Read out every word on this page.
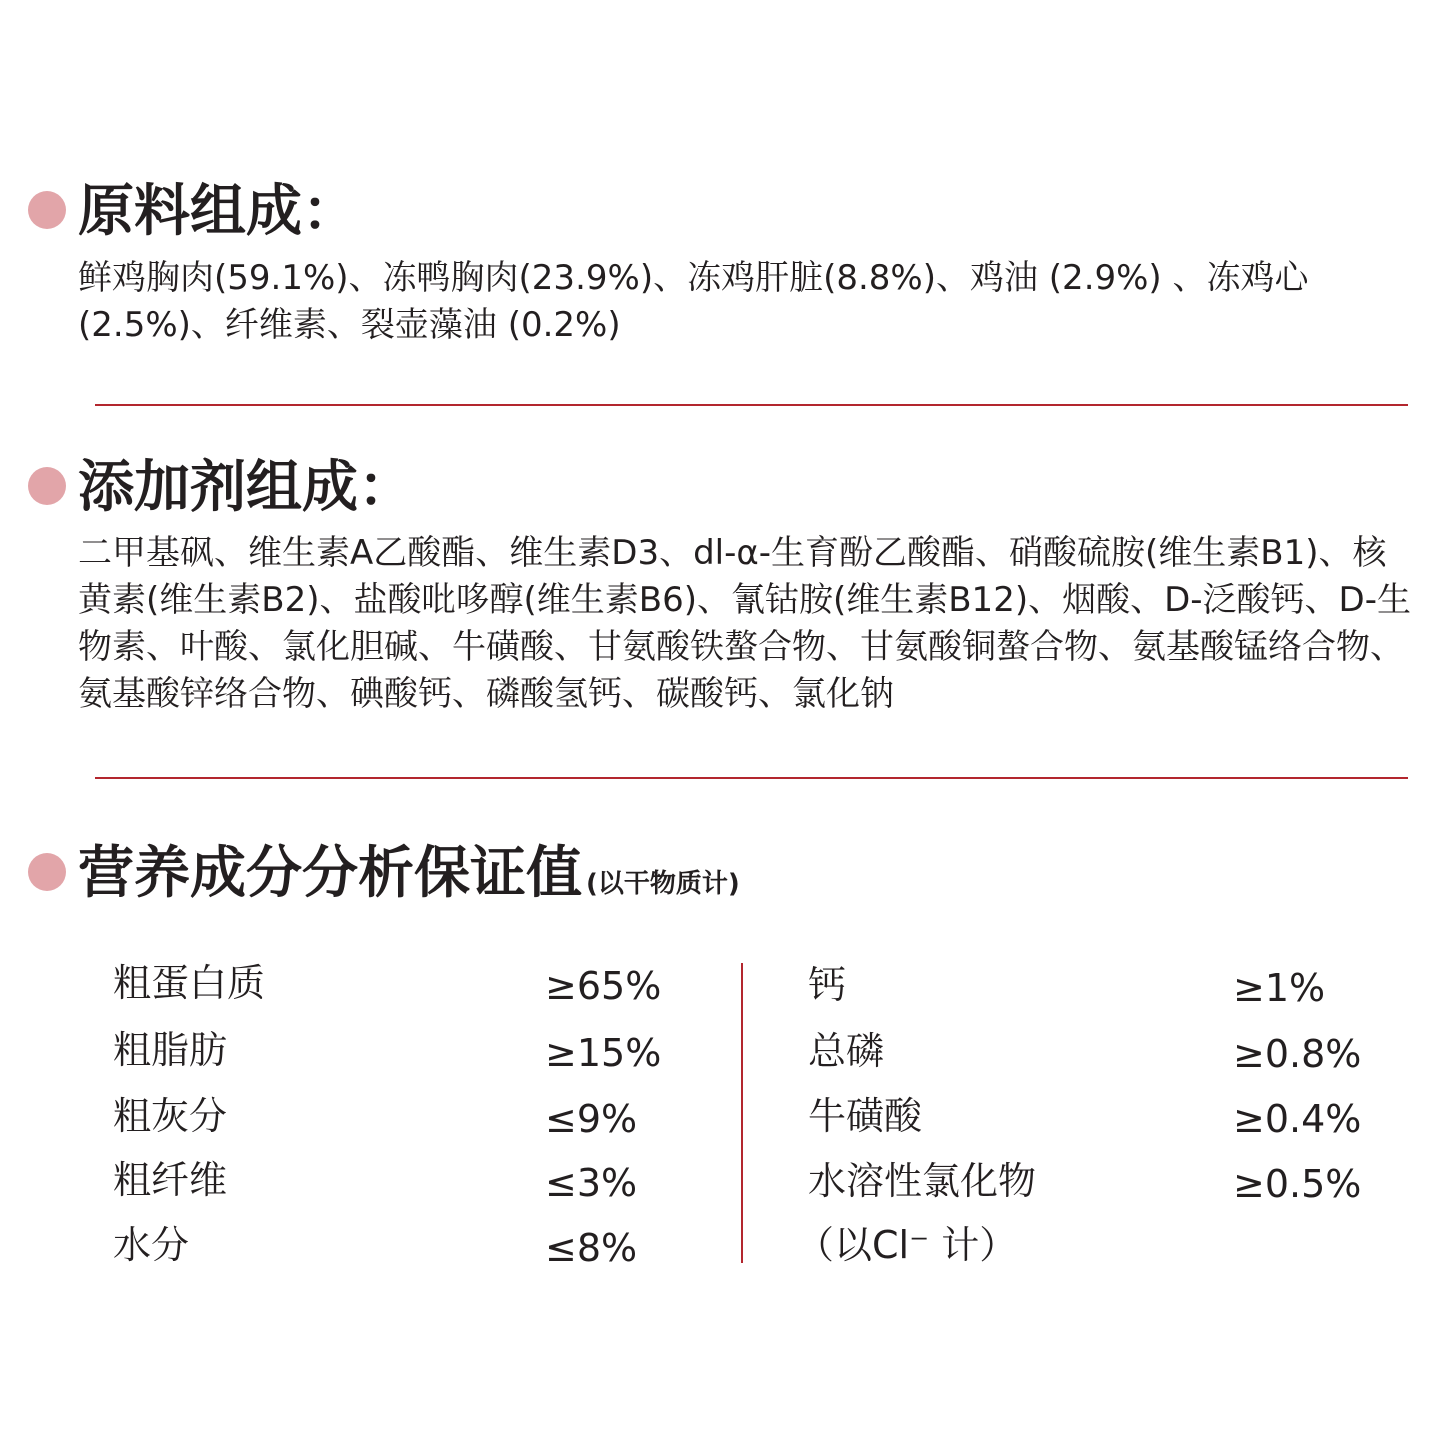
原料组成：
鲜鸡胸肉(59.1%)、冻鸭胸肉(23.9%)、冻鸡肝脏(8.8%)、鸡油 (2.9%) 、冻鸡心(2.5%)、纤维素、裂壶藻油 (0.2%)
添加剂组成：
二甲基砜、维生素A乙酸酯、维生素D3、dl-α-生育酚乙酸酯、硝酸硫胺(维生素B1)、核黄素(维生素B2)、盐酸吡哆醇(维生素B6)、氰钴胺(维生素B12)、烟酸、D-泛酸钙、D-生物素、叶酸、氯化胆碱、牛磺酸、甘氨酸铁螯合物、甘氨酸铜螯合物、氨基酸锰络合物、氨基酸锌络合物、碘酸钙、磷酸氢钙、碳酸钙、氯化钠
营养成分分析保证值 (以干物质计)
粗蛋白质	≥65%
粗脂肪	≥15%
粗灰分	≤9%
粗纤维	≤3%
水分	≤8%
钙	≥1%
总磷	≥0.8%
牛磺酸	≥0.4%
水溶性氯化物	≥0.5%
（以Cl⁻ 计）
